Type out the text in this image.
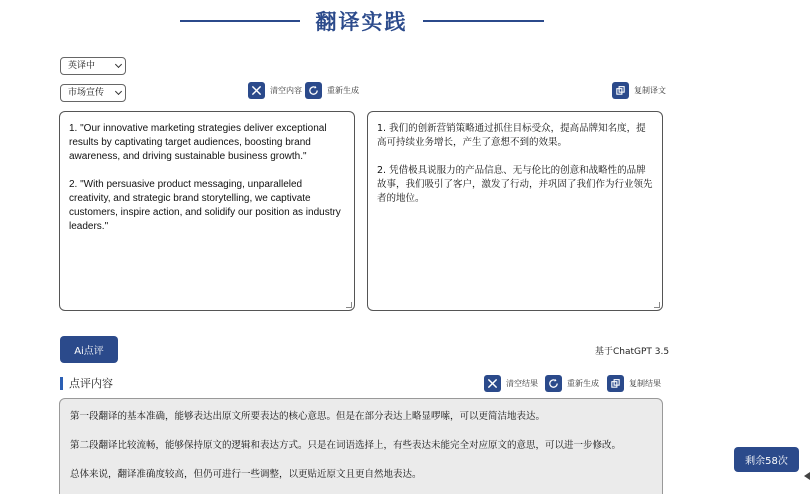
翻译实践
英译中
市场宣传	清空内容	重新生成	复制译文

1. "Our innovative marketing strategies deliver exceptional results by captivating target audiences, boosting brand awareness, and driving sustainable business growth."

2. "With persuasive product messaging, unparalleled creativity, and strategic brand storytelling, we captivate customers, inspire action, and solidify our position as industry leaders."

1. 我们的创新营销策略通过抓住目标受众，提高品牌知名度，提高可持续业务增长，产生了意想不到的效果。

2. 凭借极具说服力的产品信息、无与伦比的创意和战略性的品牌故事，我们吸引了客户，激发了行动，并巩固了我们作为行业领先者的地位。

Ai点评	基于ChatGPT 3.5
点评内容	清空结果	重新生成	复制结果

第一段翻译的基本准确，能够表达出原文所要表达的核心意思。但是在部分表达上略显啰嗦，可以更简洁地表达。

第二段翻译比较流畅，能够保持原文的逻辑和表达方式。只是在词语选择上，有些表达未能完全对应原文的意思，可以进一步修改。

总体来说，翻译准确度较高，但仍可进行一些调整，以更贴近原文且更自然地表达。

剩余58次
